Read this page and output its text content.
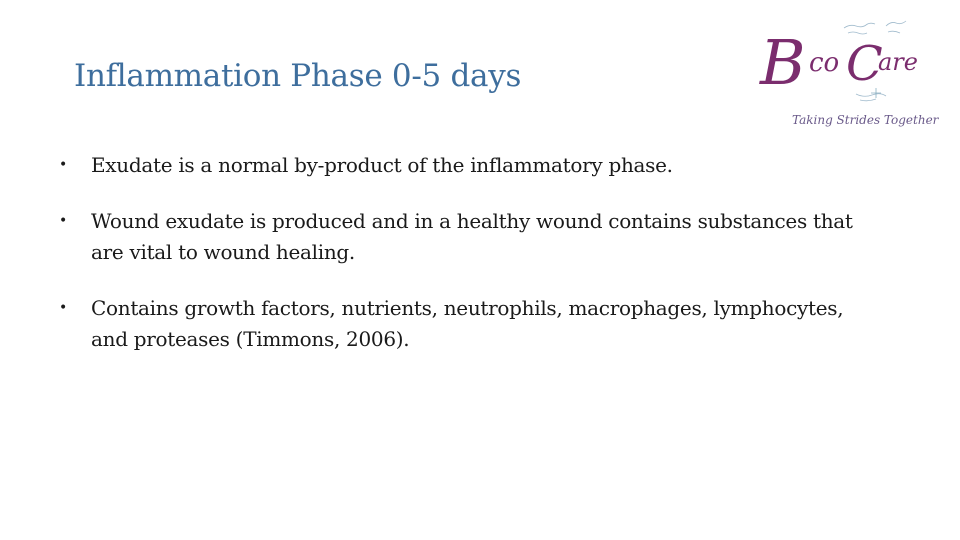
Inflammation Phase 0-5 days
•	Exudate is a normal by-product of the inflammatory phase.
•	Wound exudate is produced and in a healthy wound contains substances that are vital to wound healing.
•	Contains growth factors, nutrients, neutrophils, macrophages, lymphocytes, and proteases (Timmons, 2006).
B co C
are
Taking Strides Together
